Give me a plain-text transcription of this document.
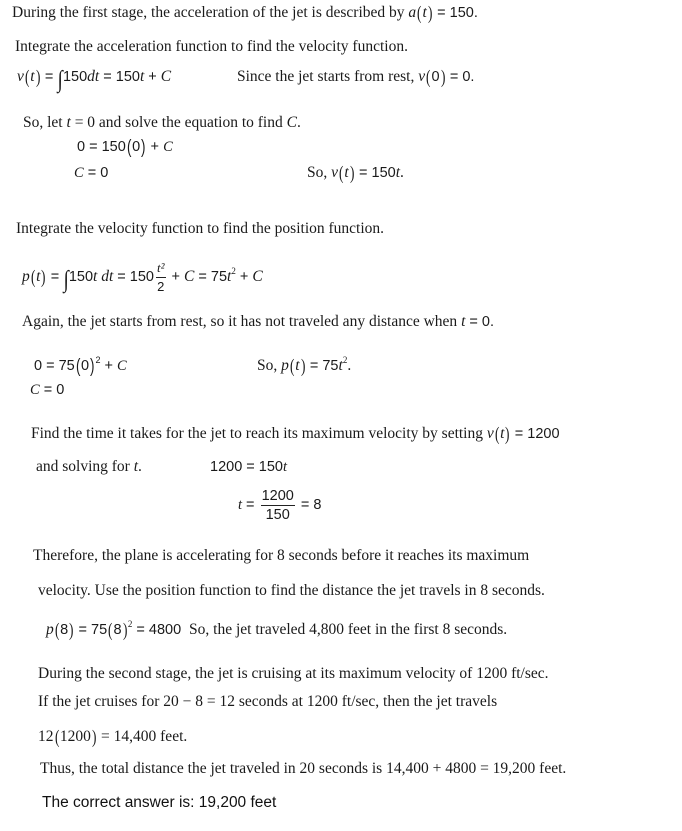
During the first stage, the acceleration of the jet is described by a(t) = 150.
Integrate the acceleration function to find the velocity function.
v(t) = ∫150dt = 150t + C	Since the jet starts from rest, v(0) = 0.
So, let t = 0 and solve the equation to find C.
0 = 150(0) + C
C = 0	So, v(t) = 150t.
Integrate the velocity function to find the position function.
p(t) = ∫150t dt = $150 \frac{\text{t²}}{2} + C = 75t^2 + C$
Again, the jet starts from rest, so it has not traveled any distance when t = 0.
$0 = 75(0)^2 + C$	So, $p(t) = 75t^2$.
C = 0
Find the time it takes for the jet to reach its maximum velocity by setting v(t) = 1200
and solving for t.	1200 = 150t
$t = \frac{1200}{150} = 8$
Therefore, the plane is accelerating for 8 seconds before it reaches its maximum
velocity. Use the position function to find the distance the jet travels in 8 seconds.
$p(8) = 75(8)^2 = 4800$ So, the jet traveled 4,800 feet in the first 8 seconds.
During the second stage, the jet is cruising at its maximum velocity of 1200 ft/sec.
If the jet cruises for 20 − 8 = 12 seconds at 1200 ft/sec, then the jet travels
12(1200) = 14,400 feet.
Thus, the total distance the jet traveled in 20 seconds is 14,400 + 4800 = 19,200 feet.
The correct answer is: 19,200 feet
